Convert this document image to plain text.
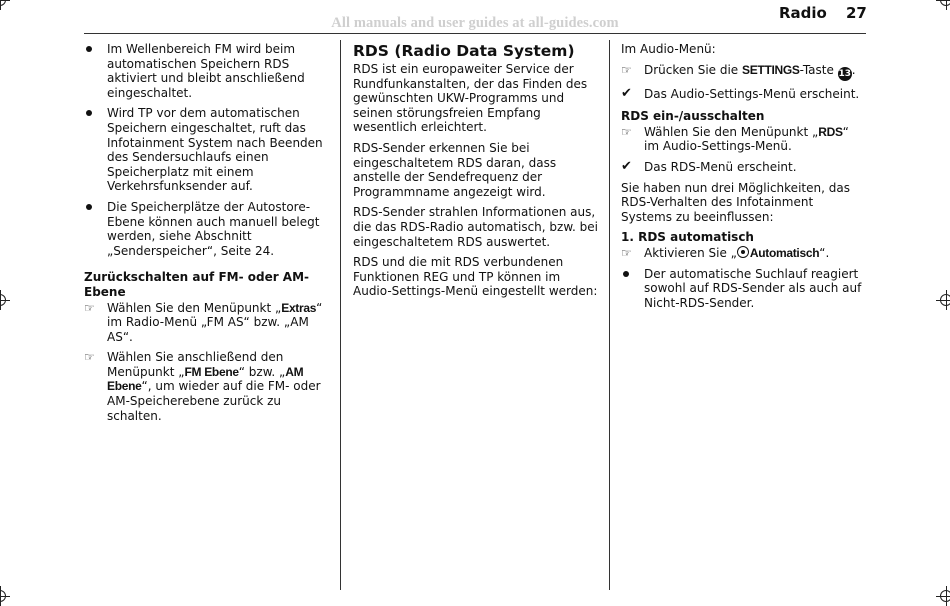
All manuals and user guides at all-guides.com
Radio 27
Im Wellenbereich FM wird beim automatischen Speichern RDS aktiviert und bleibt anschließend eingeschaltet.
Wird TP vor dem automatischen Speichern eingeschaltet, ruft das Infotainment System nach Beenden des Sendersuchlaufs einen Speicherplatz mit einem Verkehrsfunksender auf.
Die Speicherplätze der Autostore-Ebene können auch manuell belegt werden, siehe Abschnitt „Senderspeicher“, Seite 24.
Zurückschalten auf FM- oder AM-Ebene
☞	Wählen Sie den Menüpunkt „Extras“ im Radio-Menü „FM AS“ bzw. „AM AS“.
☞	Wählen Sie anschließend den Menüpunkt „FM Ebene“ bzw. „AM Ebene“, um wieder auf die FM- oder AM-Speicherebene zurück zu schalten.
RDS (Radio Data System)

RDS ist ein europaweiter Service der Rundfunkanstalten, der das Finden des gewünschten UKW-Programms und seinen störungsfreien Empfang wesentlich erleichtert.

RDS-Sender erkennen Sie bei eingeschaltetem RDS daran, dass anstelle der Sendefrequenz der Programmname angezeigt wird.

RDS-Sender strahlen Informationen aus, die das RDS-Radio automatisch, bzw. bei eingeschaltetem RDS auswertet.

RDS und die mit RDS verbundenen Funktionen REG und TP können im Audio-Settings-Menü eingestellt werden:

Im Audio-Menü:

☞	Drücken Sie die SETTINGS-Taste 13.
✔	Das Audio-Settings-Menü erscheint.
RDS ein-/ausschalten
☞	Wählen Sie den Menüpunkt „RDS“ im Audio-Settings-Menü.
✔	Das RDS-Menü erscheint.

Sie haben nun drei Möglichkeiten, das RDS-Verhalten des Infotainment Systems zu beeinflussen:

1. RDS automatisch
☞	Aktivieren Sie „ Automatisch“.
Der automatische Suchlauf reagiert sowohl auf RDS-Sender als auch auf Nicht-RDS-Sender.
